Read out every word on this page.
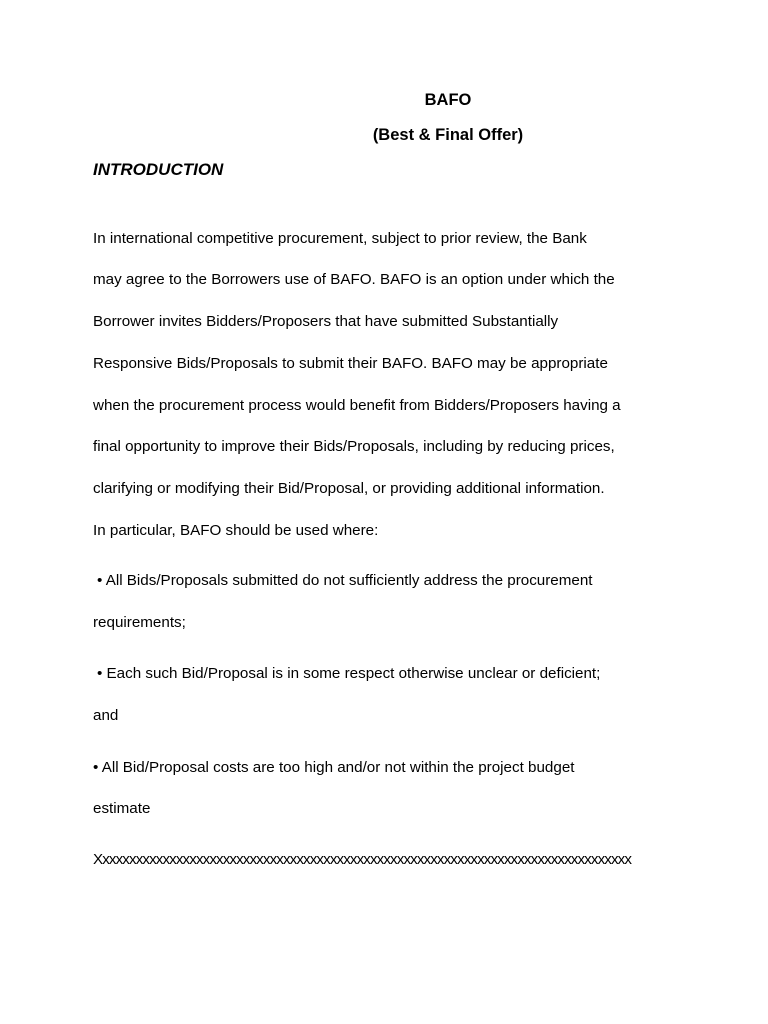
BAFO
(Best & Final Offer)
INTRODUCTION
In international competitive procurement, subject to prior review, the Bank
may agree to the Borrowers use of BAFO. BAFO is an option under which the
Borrower invites Bidders/Proposers that have submitted Substantially
Responsive Bids/Proposals to submit their BAFO. BAFO may be appropriate
when the procurement process would benefit from Bidders/Proposers having a
final opportunity to improve their Bids/Proposals, including by reducing prices,
clarifying or modifying their Bid/Proposal, or providing additional information.
In particular, BAFO should be used where:
• All Bids/Proposals submitted do not sufficiently address the procurement
requirements;
• Each such Bid/Proposal is in some respect otherwise unclear or deficient;
and
• All Bid/Proposal costs are too high and/or not within the project budget
estimate
Xxxxxxxxxxxxxxxxxxxxxxxxxxxxxxxxxxxxxxxxxxxxxxxxxxxxxxxxxxxxxxxxxxxxxxxxxxxxxxxx
